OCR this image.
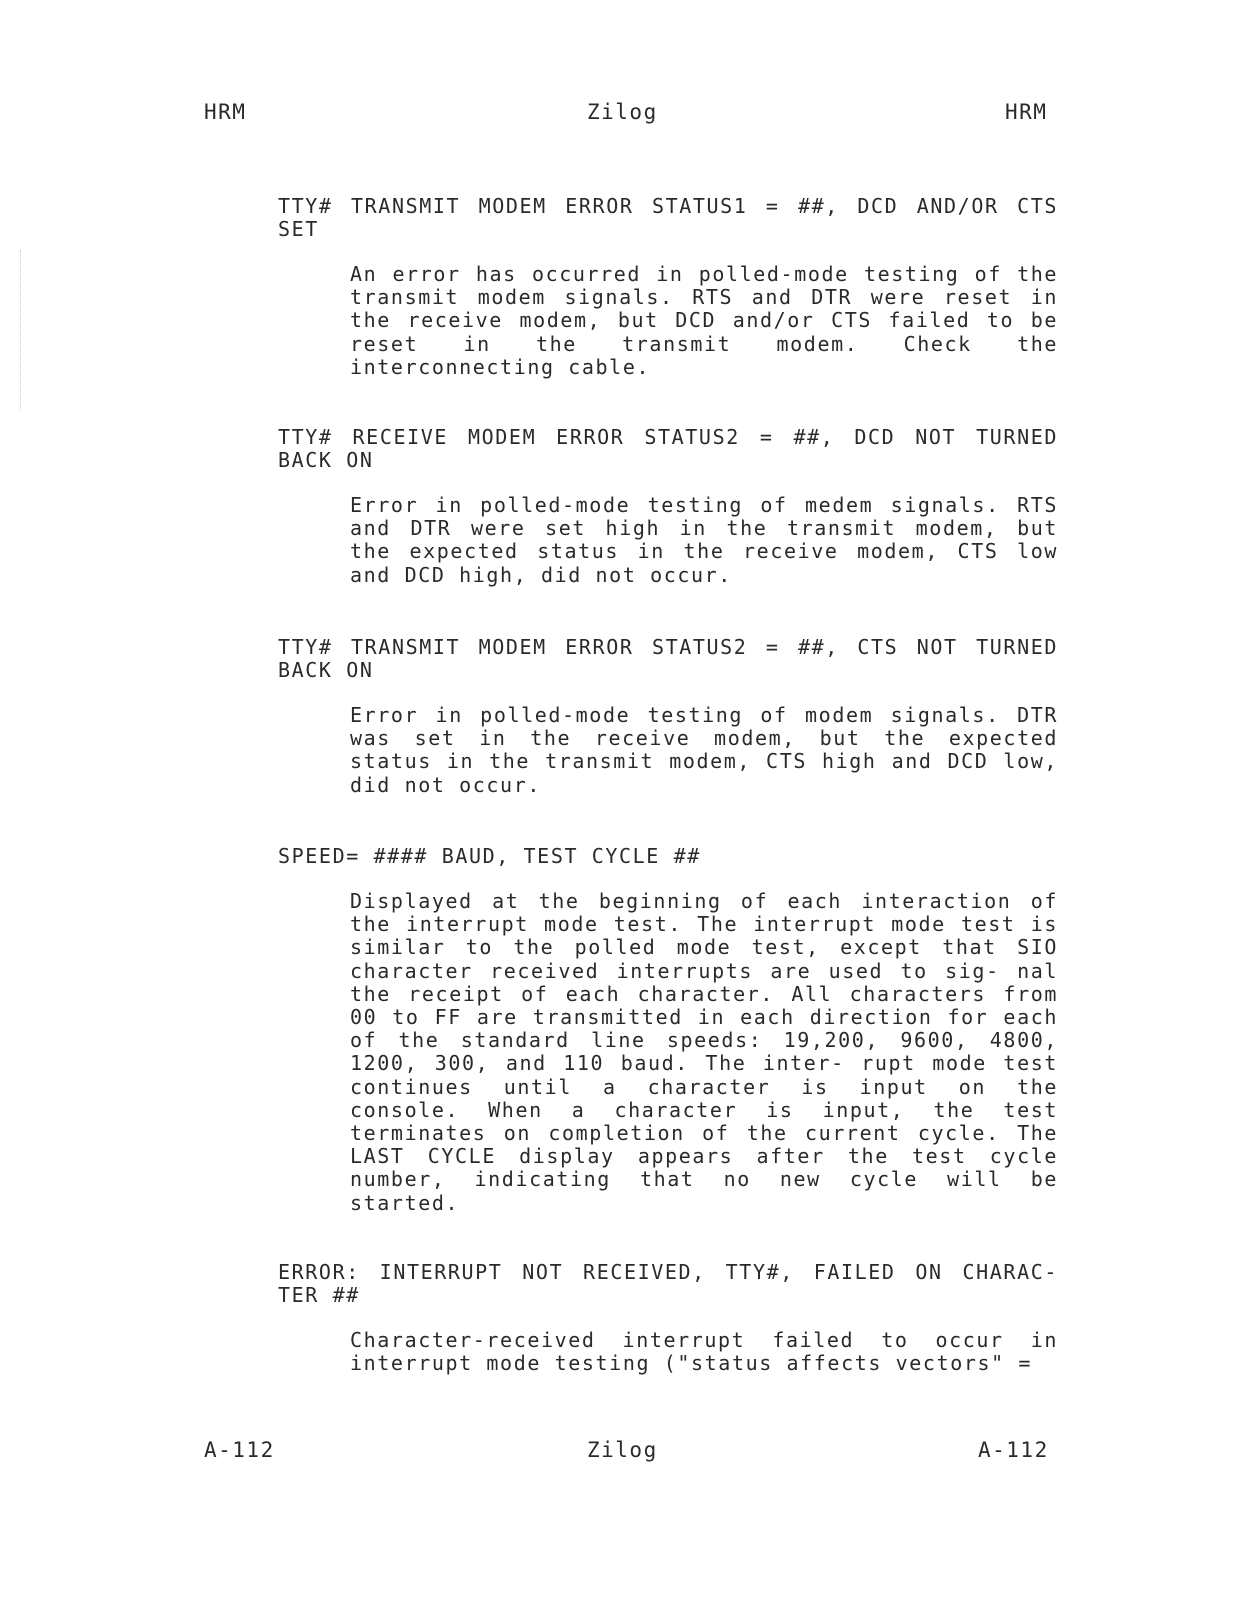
HRM	Zilog	HRM

TTY# TRANSMIT MODEM ERROR STATUS1 = ##, DCD AND/OR CTS SET

An error has occurred in polled-mode testing of the transmit modem signals. RTS and DTR were reset in the receive modem, but DCD and/or CTS failed to be reset in the transmit modem. Check the interconnecting cable.

TTY# RECEIVE MODEM ERROR STATUS2 = ##, DCD NOT TURNED BACK ON

Error in polled-mode testing of medem signals. RTS and DTR were set high in the transmit modem, but the expected status in the receive modem, CTS low and DCD high, did not occur.

TTY# TRANSMIT MODEM ERROR STATUS2 = ##, CTS NOT TURNED BACK ON

Error in polled-mode testing of modem signals. DTR was set in the receive modem, but the expected status in the transmit modem, CTS high and DCD low, did not occur.

SPEED= #### BAUD, TEST CYCLE ##

Displayed at the beginning of each interaction of the interrupt mode test. The interrupt mode test is similar to the polled mode test, except that SIO character received interrupts are used to sig- nal the receipt of each character. All characters from 00 to FF are transmitted in each direction for each of the standard line speeds: 19,200, 9600, 4800, 1200, 300, and 110 baud. The inter- rupt mode test continues until a character is input on the console. When a character is input, the test terminates on completion of the current cycle. The LAST CYCLE display appears after the test cycle number, indicating that no new cycle will be started.

ERROR: INTERRUPT NOT RECEIVED, TTY#, FAILED ON CHARAC- TER ##

Character-received interrupt failed to occur in interrupt mode testing ("status affects vectors" =

A-112	Zilog	A-112
